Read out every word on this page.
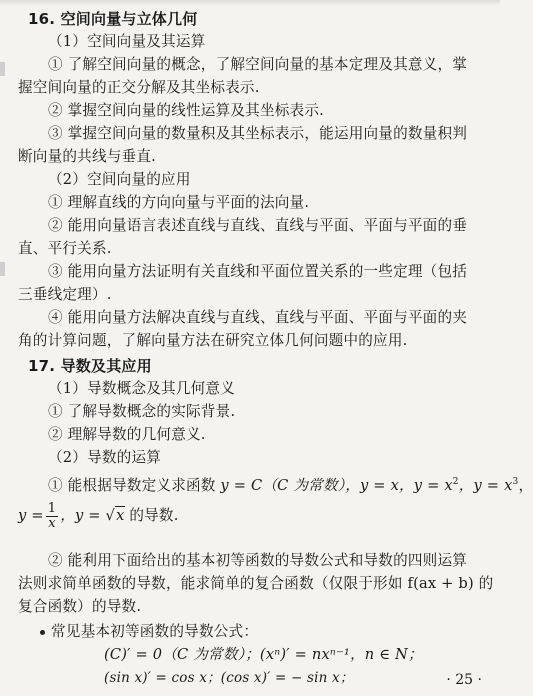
16. 空间向量与立体几何
（1）空间向量及其运算
① 了解空间向量的概念，了解空间向量的基本定理及其意义，掌
握空间向量的正交分解及其坐标表示.
② 掌握空间向量的线性运算及其坐标表示.
③ 掌握空间向量的数量积及其坐标表示，能运用向量的数量积判
断向量的共线与垂直.
（2）空间向量的应用
① 理解直线的方向向量与平面的法向量.
② 能用向量语言表述直线与直线、直线与平面、平面与平面的垂
直、平行关系.
③ 能用向量方法证明有关直线和平面位置关系的一些定理（包括
三垂线定理）.
④ 能用向量方法解决直线与直线、直线与平面、平面与平面的夹
角的计算问题，了解向量方法在研究立体几何问题中的应用.
17. 导数及其应用
（1）导数概念及其几何意义
① 了解导数概念的实际背景.
② 理解导数的几何意义.
（2）导数的运算
① 能根据导数定义求函数 y = C（C 为常数），y = x，$y = x^2$，$y = x^3$，
$y = \frac{1}{x}$ ，y = √x 的导数.
② 能利用下面给出的基本初等函数的导数公式和导数的四则运算
法则求简单函数的导数，能求简单的复合函数（仅限于形如 f(ax + b) 的
复合函数）的导数.
常见基本初等函数的导数公式：
(C)′ = 0（C 为常数）；(xⁿ)′ = nxⁿ⁻¹，n ∈ N；
(sin x)′ = cos x；(cos x)′ = − sin x；	· 25 ·
